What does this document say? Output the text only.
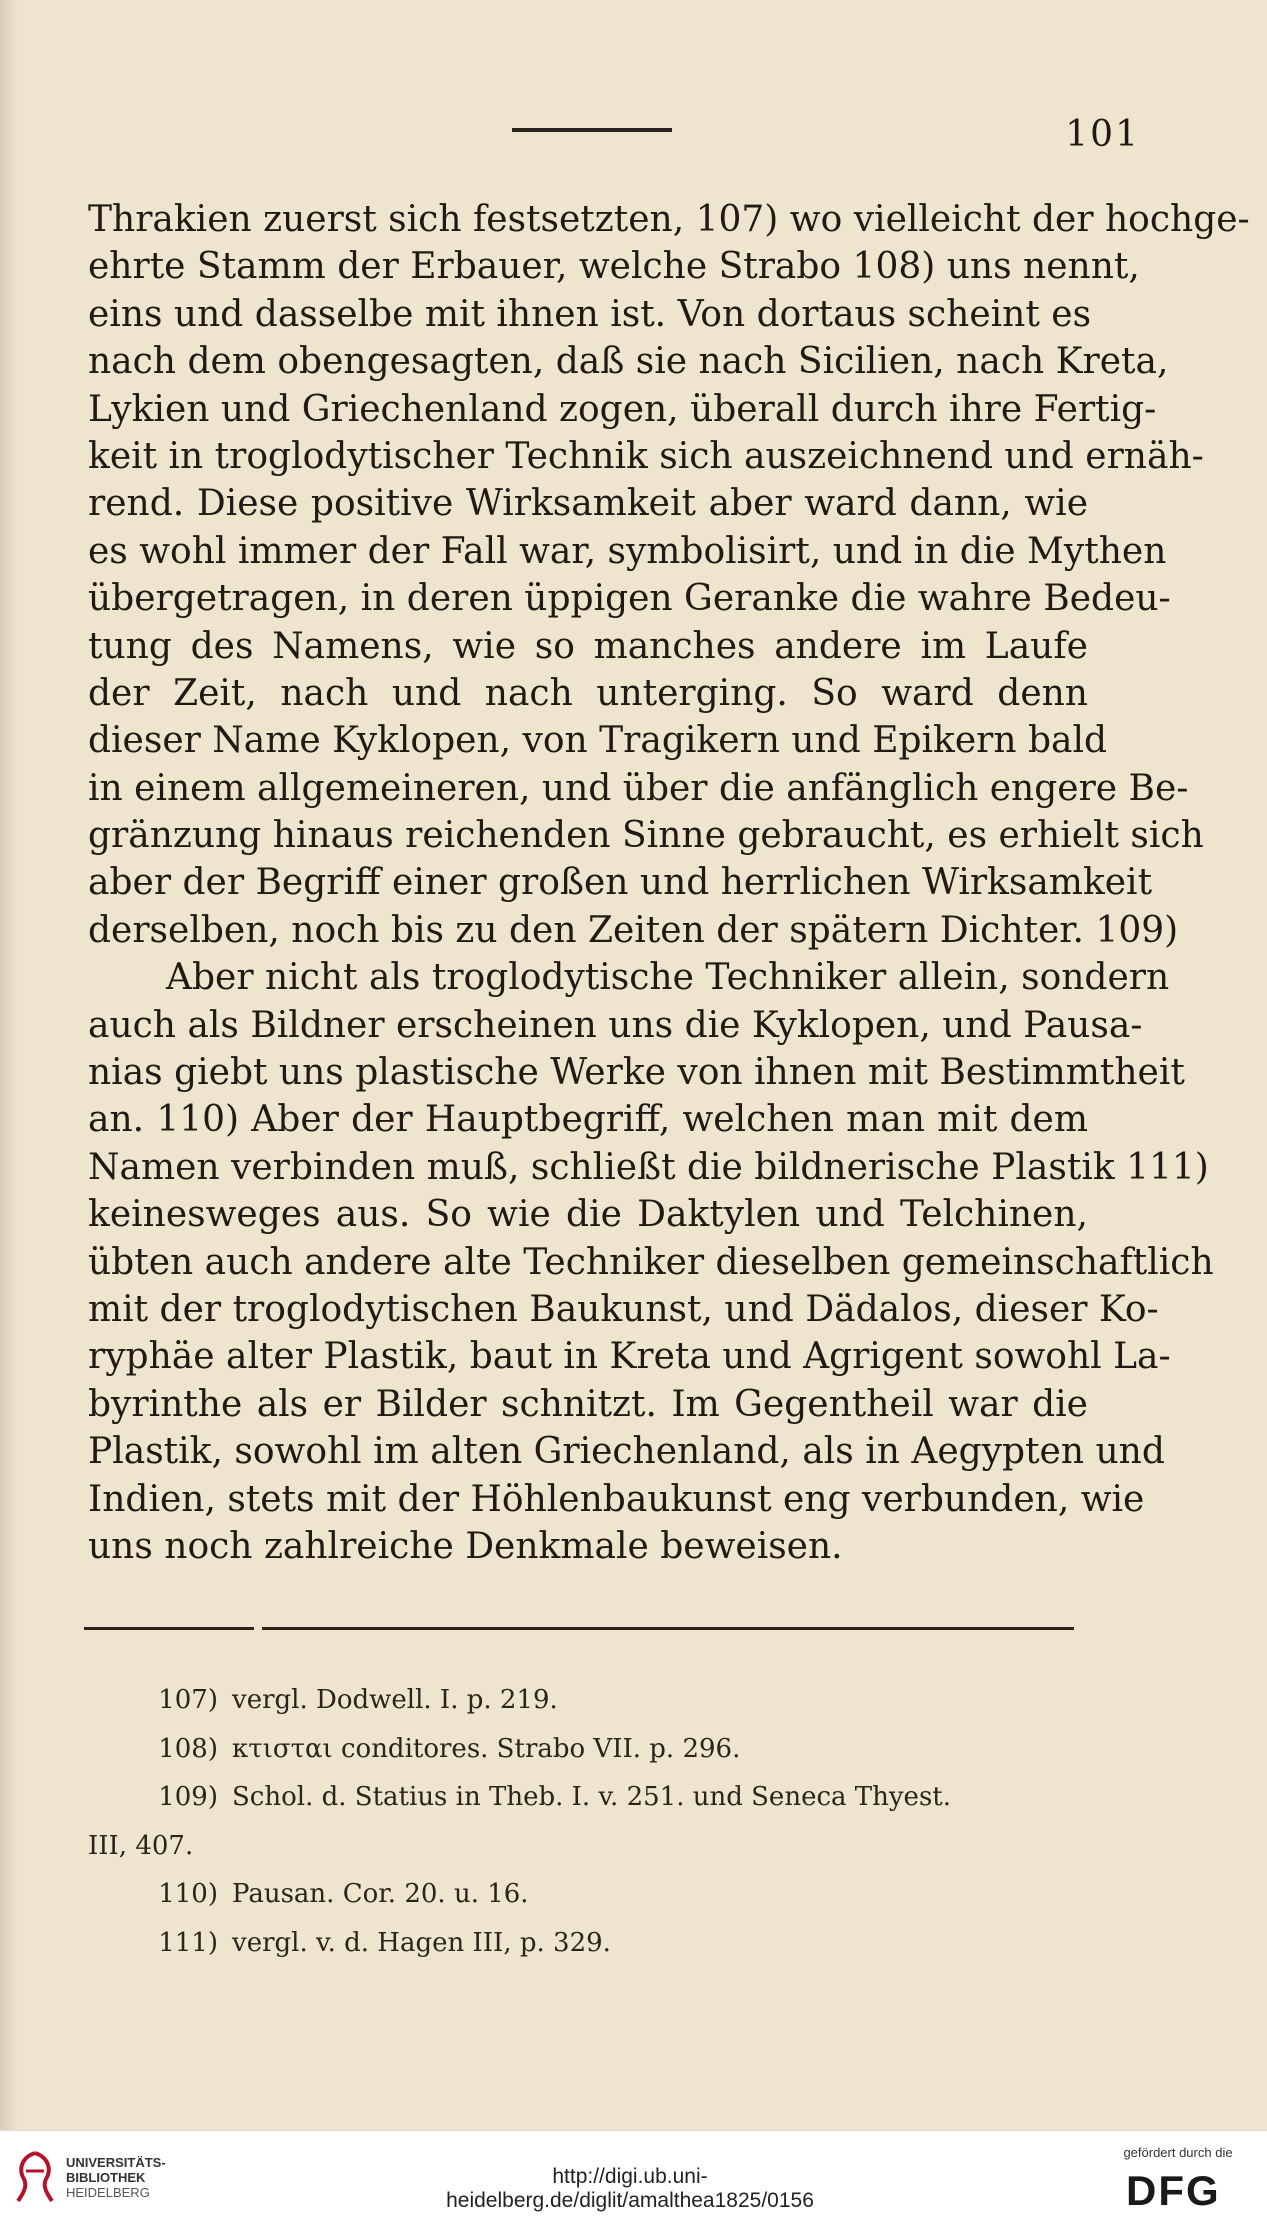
101
Thrakien zuerst sich festsetzten, 107) wo vielleicht der hochge-
ehrte Stamm der Erbauer, welche Strabo 108) uns nennt,
eins und dasselbe mit ihnen ist. Von dortaus scheint es
nach dem obengesagten, daß sie nach Sicilien, nach Kreta,
Lykien und Griechenland zogen, überall durch ihre Fertig-
keit in troglodytischer Technik sich auszeichnend und ernäh-
rend. Diese positive Wirksamkeit aber ward dann, wie
es wohl immer der Fall war, symbolisirt, und in die Mythen
übergetragen, in deren üppigen Geranke die wahre Bedeu-
tung des Namens, wie so manches andere im Laufe
der Zeit, nach und nach unterging. So ward denn
dieser Name Kyklopen, von Tragikern und Epikern bald
in einem allgemeineren, und über die anfänglich engere Be-
gränzung hinaus reichenden Sinne gebraucht, es erhielt sich
aber der Begriff einer großen und herrlichen Wirksamkeit
derselben, noch bis zu den Zeiten der spätern Dichter. 109)
Aber nicht als troglodytische Techniker allein, sondern
auch als Bildner erscheinen uns die Kyklopen, und Pausa-
nias giebt uns plastische Werke von ihnen mit Bestimmtheit
an. 110) Aber der Hauptbegriff, welchen man mit dem
Namen verbinden muß, schließt die bildnerische Plastik 111)
keinesweges aus. So wie die Daktylen und Telchinen,
übten auch andere alte Techniker dieselben gemeinschaftlich
mit der troglodytischen Baukunst, und Dädalos, dieser Ko-
ryphäe alter Plastik, baut in Kreta und Agrigent sowohl La-
byrinthe als er Bilder schnitzt. Im Gegentheil war die
Plastik, sowohl im alten Griechenland, als in Aegypten und
Indien, stets mit der Höhlenbaukunst eng verbunden, wie
uns noch zahlreiche Denkmale beweisen.
107) vergl. Dodwell. I. p. 219.
108) κτισται conditores. Strabo VII. p. 296.
109) Schol. d. Statius in Theb. I. v. 251. und Seneca Thyest.
III, 407.
110) Pausan. Cor. 20. u. 16.
111) vergl. v. d. Hagen III, p. 329.
UNIVERSITÄTS-
BIBLIOTHEK
HEIDELBERG
http://digi.ub.uni-heidelberg.de/diglit/amalthea1825/0156
gefördert durch die
DFG
